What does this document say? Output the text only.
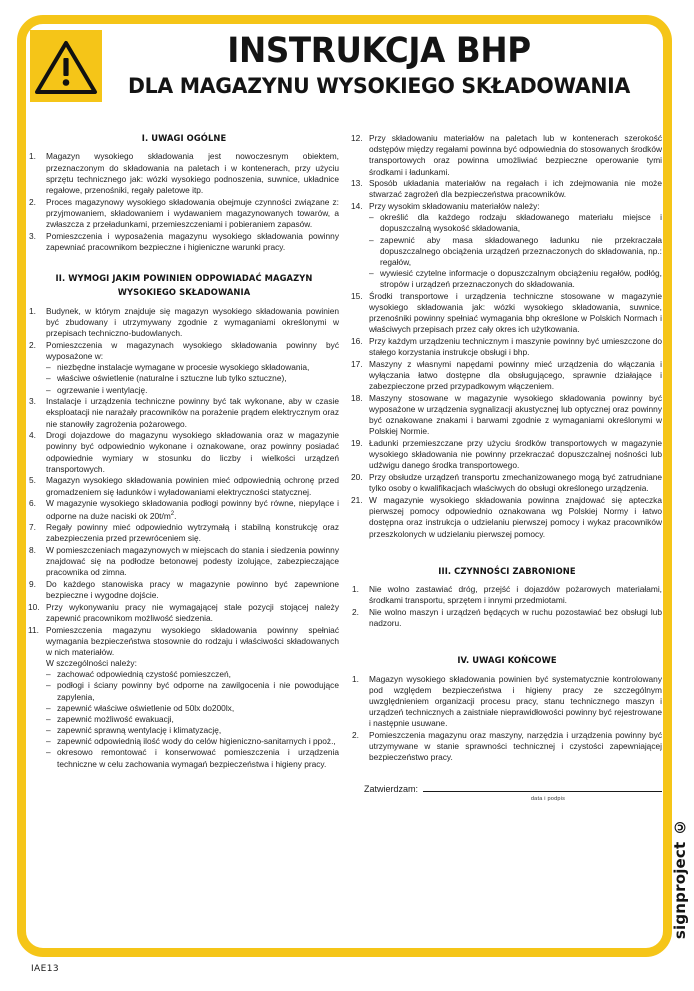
INSTRUKCJA BHP
DLA MAGAZYNU WYSOKIEGO SKŁADOWANIA
I. UWAGI OGÓLNE
1.	Magazyn wysokiego składowania jest nowoczesnym obiektem, przeznaczonym do składowania na paletach i w kontenerach, przy użyciu sprzętu technicznego jak: wózki wysokiego podnoszenia, suwnice, układnice regałowe, przenośniki, regały paletowe itp.
2.	Proces magazynowy wysokiego składowania obejmuje czynności związane z: przyjmowaniem, składowaniem i wydawaniem magazynowanych towarów, a zwłaszcza z przeładunkami, przemieszczeniami i pobieraniem zapasów.
3.	Pomieszczenia i wyposażenia magazynu wysokiego składowania powinny zapewniać pracownikom bezpieczne i higieniczne warunki pracy.
II. WYMOGI JAKIM POWINIEN ODPOWIADAĆ MAGAZYN
WYSOKIEGO SKŁADOWANIA
1.	Budynek, w którym znajduje się magazyn wysokiego składowania powinien być zbudowany i utrzymywany zgodnie z wymaganiami określonymi w przepisach techniczno-budowlanych.
2.	Pomieszczenia w magazynach wysokiego składowania powinny być wyposażone w:
– niezbędne instalacje wymagane w procesie wysokiego składowania,
– właściwe oświetlenie (naturalne i sztuczne lub tylko sztuczne),
– ogrzewanie i wentylację.
3.	Instalacje i urządzenia techniczne powinny być tak wykonane, aby w czasie eksploatacji nie narażały pracowników na porażenie prądem elektrycznym oraz nie stanowiły zagrożenia pożarowego.
4.	Drogi dojazdowe do magazynu wysokiego składowania oraz w magazynie powinny być odpowiednio wykonane i oznakowane, oraz powinny posiadać odpowiednie wymiary w stosunku do liczby i wielkości urządzeń transportowych.
5.	Magazyn wysokiego składowania powinien mieć odpowiednią ochronę przed gromadzeniem się ładunków i wyładowaniami elektryczności statycznej.
6.	W magazynie wysokiego składowania podłogi powinny być równe, niepylące i odporne na duże naciski ok $20t/m^2$.
7.	Regały powinny mieć odpowiednio wytrzymałą i stabilną konstrukcję oraz zabezpieczenia przed przewróceniem się.
8.	W pomieszczeniach magazynowych w miejscach do stania i siedzenia powinny znajdować się na podłodze betonowej podesty izolujące, zabezpieczające pracownika od zimna.
9.	Do każdego stanowiska pracy w magazynie powinno być zapewnione bezpieczne i wygodne dojście.
10. Przy wykonywaniu pracy nie wymagającej stale pozycji stojącej należy zapewnić pracownikom możliwość siedzenia.
11. Pomieszczenia magazynu wysokiego składowania powinny spełniać wymagania bezpieczeństwa stosownie do rodzaju i właściwości składowanych w nich materiałów.
W szczególności należy:
– zachować odpowiednią czystość pomieszczeń,
– podłogi i ściany powinny być odporne na zawilgocenia i nie powodujące zapylenia,
– zapewnić właściwe oświetlenie od 50lx do200lx,
– zapewnić możliwość ewakuacji,
– zapewnić sprawną wentylację i klimatyzację,
– zapewnić odpowiednią ilość wody do celów higieniczno-sanitarnych i ppoż.,
– okresowo remontować i konserwować pomieszczenia i urządzenia techniczne w celu zachowania wymagań bezpieczeństwa i higieny pracy.
12. Przy składowaniu materiałów na paletach lub w kontenerach szerokość odstępów między regałami powinna być odpowiednia do stosowanych środków transportowych oraz powinna umożliwiać bezpieczne operowanie tymi środkami i ładunkami.
13. Sposób układania materiałów na regałach i ich zdejmowania nie może stwarzać zagrożeń dla bezpieczeństwa pracowników.
14. Przy wysokim składowaniu materiałów należy:
– określić dla każdego rodzaju składowanego materiału miejsce i dopuszczalną wysokość składowania,
– zapewnić aby masa składowanego ładunku nie przekraczała dopuszczalnego obciążenia urządzeń przeznaczonych do składowania, np.: regałów,
– wywiesić czytelne informacje o dopuszczalnym obciążeniu regałów, podłóg, stropów i urządzeń przeznaczonych do składowania.
15. Środki transportowe i urządzenia techniczne stosowane w magazynie wysokiego składowania jak: wózki wysokiego składowania, suwnice, przenośniki powinny spełniać wymagania bhp określone w Polskich Normach i właściwych przepisach przez cały okres ich użytkowania.
16. Przy każdym urządzeniu technicznym i maszynie powinny być umieszczone do stałego korzystania instrukcje obsługi i bhp.
17. Maszyny z własnymi napędami powinny mieć urządzenia do włączania i wyłączania łatwo dostępne dla obsługującego, sprawnie działające i zabezpieczone przed przypadkowym włączeniem.
18. Maszyny stosowane w magazynie wysokiego składowania powinny być wyposażone w urządzenia sygnalizacji akustycznej lub optycznej oraz powinny być oznakowane znakami i barwami zgodnie z wymaganiami określonymi w Polskiej Normie.
19. Ładunki przemieszczane przy użyciu środków transportowych w magazynie wysokiego składowania nie powinny przekraczać dopuszczalnej nośności lub udźwigu danego środka transportowego.
20. Przy obsłudze urządzeń transportu zmechanizowanego mogą być zatrudniane tylko osoby o kwalifikacjach właściwych do obsługi określonego urządzenia.
21. W magazynie wysokiego składowania powinna znajdować się apteczka pierwszej pomocy odpowiednio oznakowana wg Polskiej Normy i łatwo dostępna oraz instrukcja o udzielaniu pierwszej pomocy i wykaz pracowników przeszkolonych w udzielaniu pierwszej pomocy.
III. CZYNNOŚCI ZABRONIONE
1.	Nie wolno zastawiać dróg, przejść i dojazdów pożarowych materiałami, środkami transportu, sprzętem i innymi przedmiotami.
2.	Nie wolno maszyn i urządzeń będących w ruchu pozostawiać bez obsługi lub nadzoru.
IV. UWAGI KOŃCOWE
1.	Magazyn wysokiego składowania powinien być systematycznie kontrolowany pod względem bezpieczeństwa i higieny pracy ze szczególnym uwzględnieniem organizacji procesu pracy, stanu technicznego maszyn i urządzeń technicznych a zaistniałe nieprawidłowości powinny być rejestrowane i następnie usuwane.
2.	Pomieszczenia magazynu oraz maszyny, narzędzia i urządzenia powinny być utrzymywane w stanie sprawności technicznej i czystości zapewniającej bezpieczeństwo pracy.
Zatwierdzam:
data i podpis
signproject ©
IAE13
